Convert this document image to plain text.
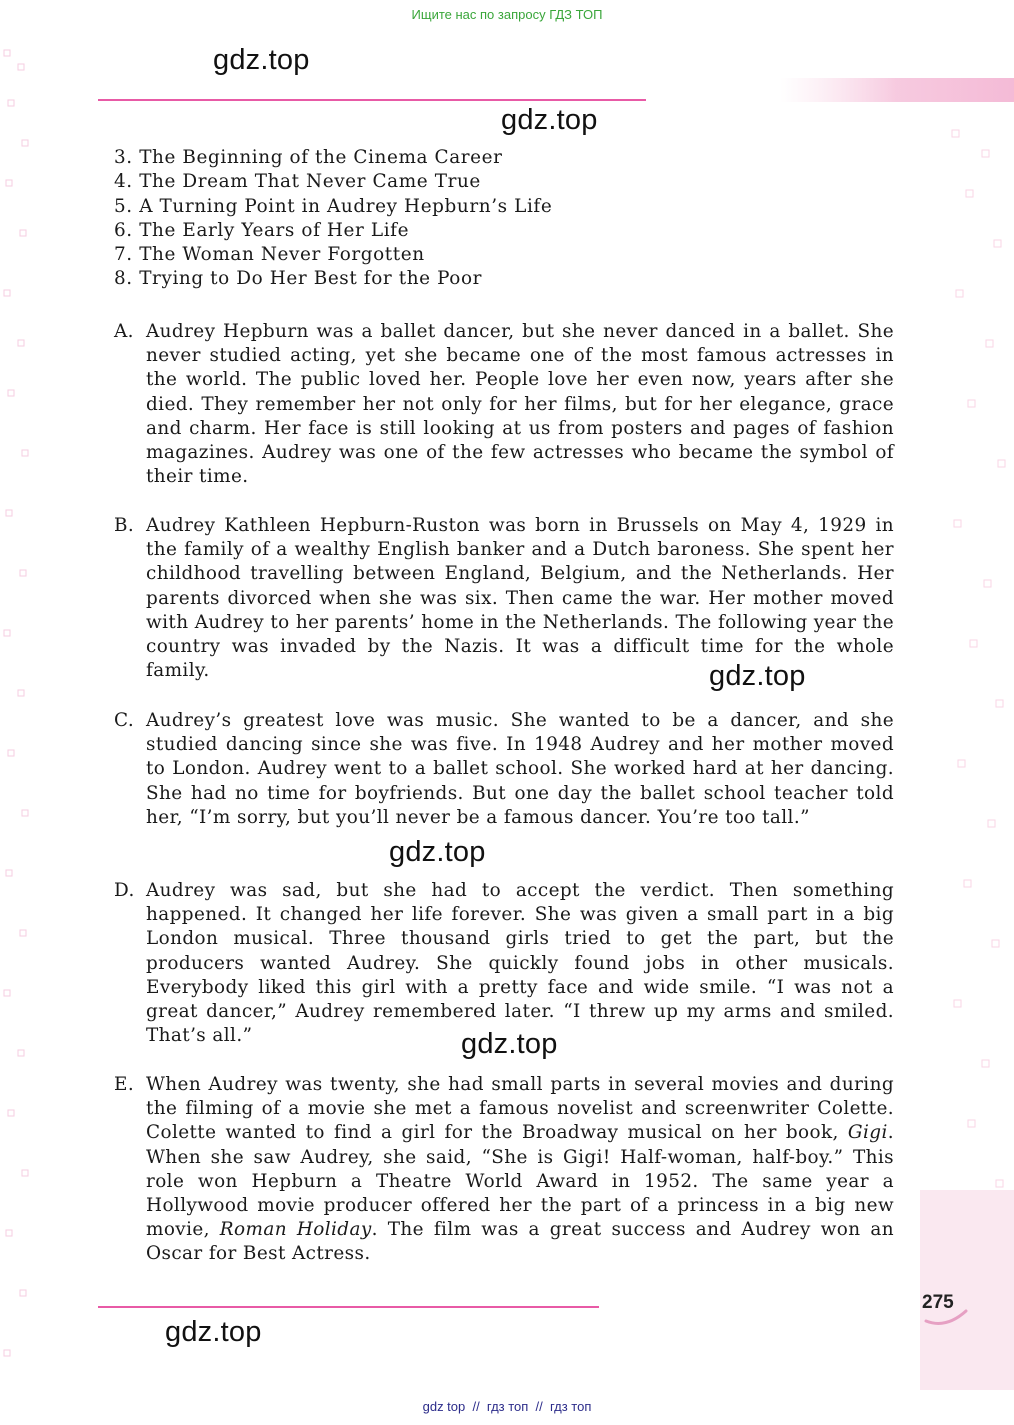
Ищите нас по запросу ГДЗ ТОП
gdz.top
gdz.top
3. The Beginning of the Cinema Career
4. The Dream That Never Came True
5. A Turning Point in Audrey Hepburn’s Life
6. The Early Years of Her Life
7. The Woman Never Forgotten
8. Trying to Do Her Best for the Poor
A. Audrey Hepburn was a ballet dancer, but she never danced in a ballet. She never studied acting, yet she became one of the most famous actresses in the world. The public loved her. People love her even now, years after she died. They remember her not only for her films, but for her elegance, grace and charm. Her face is still looking at us from posters and pages of fashion magazines. Audrey was one of the few actresses who became the symbol of their time.

B. Audrey Kathleen Hepburn-Ruston was born in Brussels on May 4, 1929 in the family of a wealthy English banker and a Dutch baroness. She spent her childhood travelling between England, Belgium, and the Netherlands. Her parents divorced when she was six. Then came the war. Her mother moved with Audrey to her parents’ home in the Netherlands. The following year the country was invaded by the Nazis. It was a difficult time for the whole family.	gdz.top
C. Audrey’s greatest love was music. She wanted to be a dancer, and she studied dancing since she was five. In 1948 Audrey and her mother moved to London. Audrey went to a ballet school. She worked hard at her dancing. She had no time for boyfriends. But one day the ballet school teacher told her, “I’m sorry, but you’ll never be a famous dancer. You’re too tall.”

gdz.top
D. Audrey was sad, but she had to accept the verdict. Then something happened. It changed her life forever. She was given a small part in a big London musical. Three thousand girls tried to get the part, but the producers wanted Audrey. She quickly found jobs in other musicals. Everybody liked this girl with a pretty face and wide smile. “I was not a great dancer,” Audrey remembered later. “I threw up my arms and smiled. That’s all.”	gdz.top
E. When Audrey was twenty, she had small parts in several movies and during the filming of a movie she met a famous novelist and screenwriter Colette. Colette wanted to find a girl for the Broadway musical on her book, Gigi. When she saw Audrey, she said, “She is Gigi! Half-woman, half-boy.” This role won Hepburn a Theatre World Award in 1952. The same year a Hollywood movie producer offered her the part of a princess in a big new movie, Roman Holiday. The film was a great success and Audrey won an Oscar for Best Actress.

gdz.top
275
gdz top  //  гдз топ  //  гдз топ
